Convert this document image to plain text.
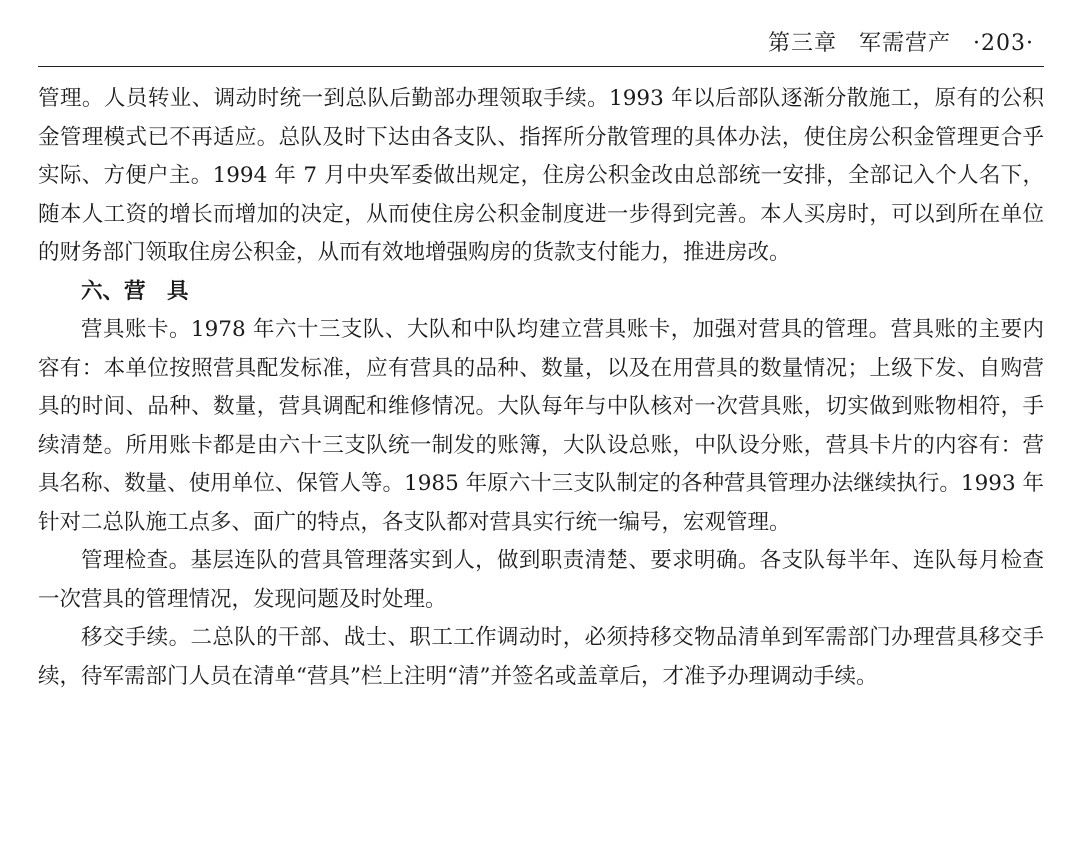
第三章 军需营产 ·203·

管理。人员转业、调动时统一到总队后勤部办理领取手续。1993 年以后部队逐渐分散施工，原有的公积金管理模式已不再适应。总队及时下达由各支队、指挥所分散管理的具体办法，使住房公积金管理更合乎实际、方便户主。1994 年 7 月中央军委做出规定，住房公积金改由总部统一安排，全部记入个人名下，随本人工资的增长而增加的决定，从而使住房公积金制度进一步得到完善。本人买房时，可以到所在单位的财务部门领取住房公积金，从而有效地增强购房的货款支付能力，推进房改。

六、营 具

营具账卡。1978 年六十三支队、大队和中队均建立营具账卡，加强对营具的管理。营具账的主要内容有：本单位按照营具配发标准，应有营具的品种、数量，以及在用营具的数量情况；上级下发、自购营具的时间、品种、数量，营具调配和维修情况。大队每年与中队核对一次营具账，切实做到账物相符，手续清楚。所用账卡都是由六十三支队统一制发的账簿，大队设总账，中队设分账，营具卡片的内容有：营具名称、数量、使用单位、保管人等。1985 年原六十三支队制定的各种营具管理办法继续执行。1993 年针对二总队施工点多、面广的特点，各支队都对营具实行统一编号，宏观管理。

管理检查。基层连队的营具管理落实到人，做到职责清楚、要求明确。各支队每半年、连队每月检查一次营具的管理情况，发现问题及时处理。

移交手续。二总队的干部、战士、职工工作调动时，必须持移交物品清单到军需部门办理营具移交手续，待军需部门人员在清单“营具”栏上注明“清”并签名或盖章后，才准予办理调动手续。
